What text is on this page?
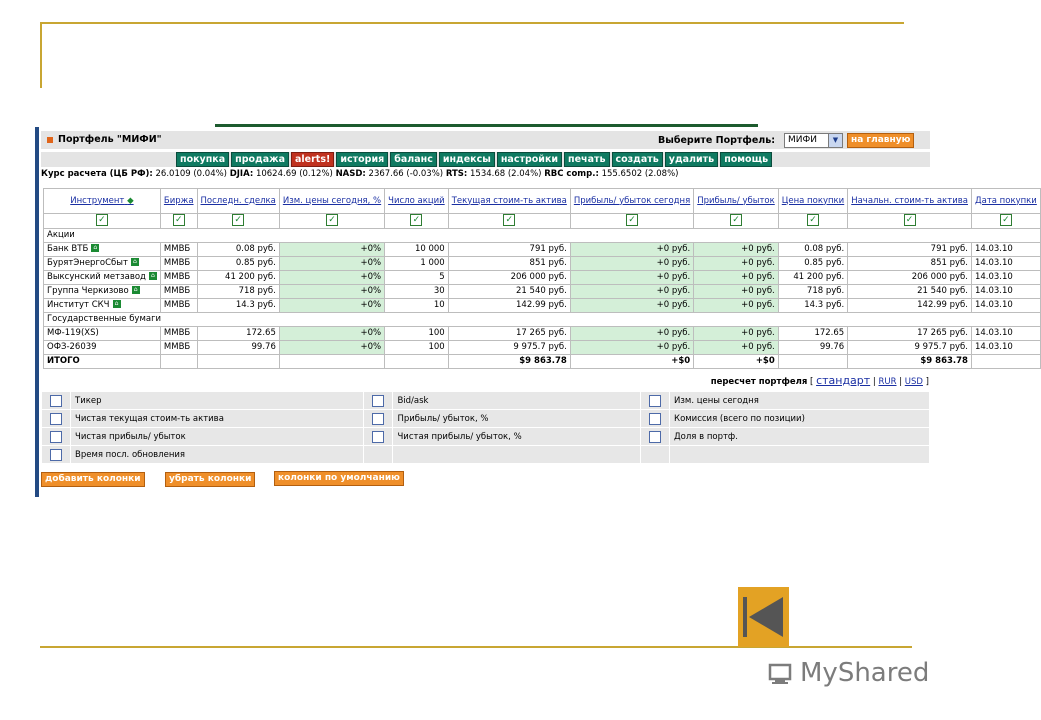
Портфель "МИФИ"	Выберите Портфель: МИФИ	▼	на главную
покупка	продажа	alerts!	история	баланс	индексы	настройки	печать	создать	удалить	помощь
Курс расчета (ЦБ РФ): 26.0109 (0.04%) DJIA: 10624.69 (0.12%) NASD: 2367.66 (-0.03%) RTS: 1534.68 (2.04%) RBC comp.: 155.6502 (2.08%)
Инструмент ◆	Биржа	Последн. сделка	Изм. цены сегодня, %	Число акций	Текущая стоим-ть актива	Прибыль/ убыток сегодня	Прибыль/ убыток	Цена покупки	Начальн. стоим-ть актива	Дата покупки
✓	✓	✓	✓	✓	✓	✓	✓	✓	✓	✓
Акции										
Банк ВТБ ⌂	ММВБ	0.08 руб.	+0%	10 000	791 руб.	+0 руб.	+0 руб.	0.08 руб.	791 руб.	14.03.10
БурятЭнергоСбыт ⌂	ММВБ	0.85 руб.	+0%	1 000	851 руб.	+0 руб.	+0 руб.	0.85 руб.	851 руб.	14.03.10
Выксунский метзавод ⌂	ММВБ	41 200 руб.	+0%	5	206 000 руб.	+0 руб.	+0 руб.	41 200 руб.	206 000 руб.	14.03.10
Группа Черкизово ⌂	ММВБ	718 руб.	+0%	30	21 540 руб.	+0 руб.	+0 руб.	718 руб.	21 540 руб.	14.03.10
Институт СКЧ ⌂	ММВБ	14.3 руб.	+0%	10	142.99 руб.	+0 руб.	+0 руб.	14.3 руб.	142.99 руб.	14.03.10
Государственные бумаги										
МФ-119(XS)	ММВБ	172.65	+0%	100	17 265 руб.	+0 руб.	+0 руб.	172.65	17 265 руб.	14.03.10
ОФЗ-26039	ММВБ	99.76	+0%	100	9 975.7 руб.	+0 руб.	+0 руб.	99.76	9 975.7 руб.	14.03.10
ИТОГО					$9 863.78	+$0	+$0		$9 863.78	
пересчет портфеля [ стандарт | RUR | USD ]
	Тикер		Bid/ask		Изм. цены сегодня
	Чистая текущая стоим-ть актива		Прибыль/ убыток, %		Комиссия (всего по позиции)
	Чистая прибыль/ убыток		Чистая прибыль/ убыток, %		Доля в портф.
	Время посл. обновления				
добавить колонки	убрать колонки	колонки по умолчанию
MyShared
